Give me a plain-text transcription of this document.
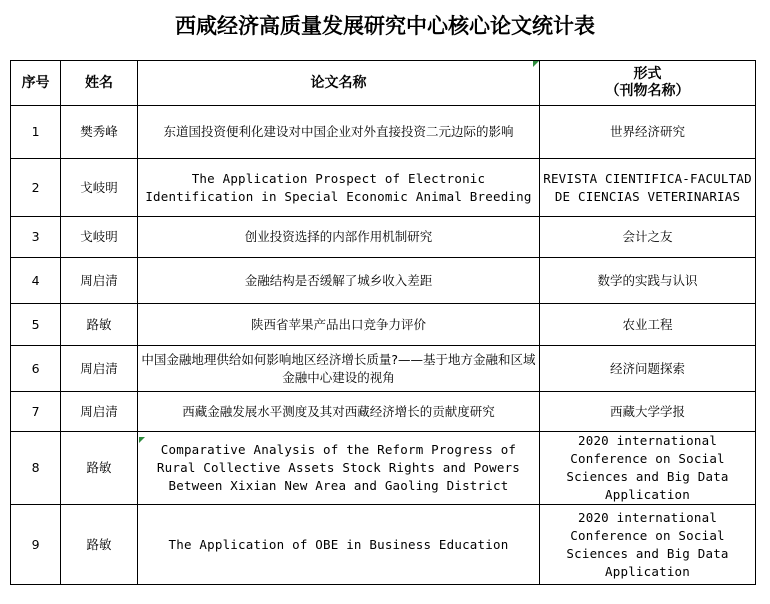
西咸经济高质量发展研究中心核心论文统计表
序号	姓名	论文名称	形式
（刊物名称）

1	樊秀峰	东道国投资便利化建设对中国企业对外直接投资二元边际的影响	世界经济研究
2	戈岐明	The Application Prospect of Electronic Identification in Special Economic Animal Breeding	REVISTA CIENTIFICA-FACULTAD DE CIENCIAS VETERINARIAS
3	戈岐明	创业投资选择的内部作用机制研究	会计之友
4	周启清	金融结构是否缓解了城乡收入差距	数学的实践与认识
5	路敏	陕西省苹果产品出口竞争力评价	农业工程
6	周启清	中国金融地理供给如何影响地区经济增长质量?——基于地方金融和区域金融中心建设的视角	经济问题探索
7	周启清	西藏金融发展水平测度及其对西藏经济增长的贡献度研究	西藏大学学报
8	路敏	Comparative Analysis of the Reform Progress of Rural Collective Assets Stock Rights and Powers Between Xixian New Area and Gaoling District	2020 international Conference on Social Sciences and Big Data Application
9	路敏	The Application of OBE in Business Education	2020 international Conference on Social Sciences and Big Data Application
